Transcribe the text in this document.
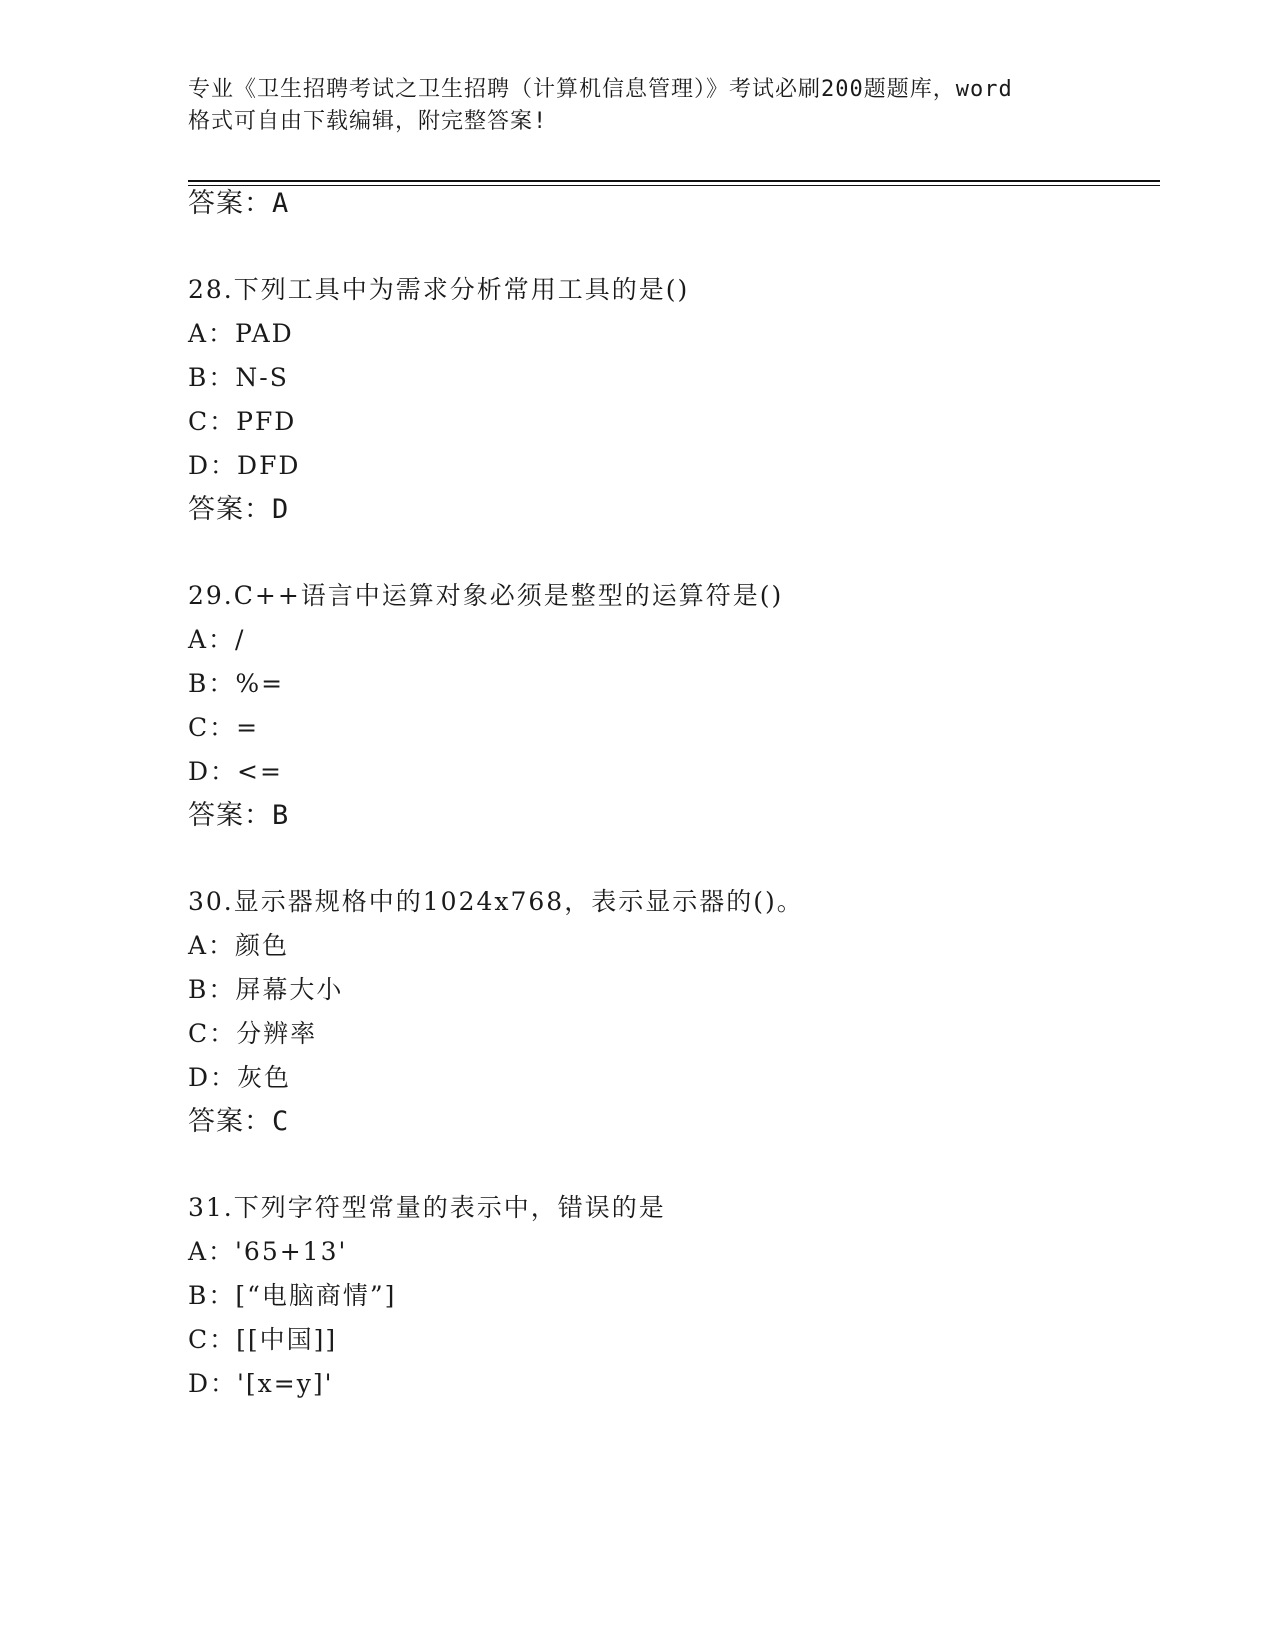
专业《卫生招聘考试之卫生招聘（计算机信息管理）》考试必刷200题题库，word
格式可自由下载编辑，附完整答案!
答案：A
28.下列工具中为需求分析常用工具的是()
A：PAD
B：N-S
C：PFD
D：DFD
答案：D
29.C++语言中运算对象必须是整型的运算符是()
A：/
B：%=
C：=
D：<=
答案：B
30.显示器规格中的1024x768，表示显示器的()。
A：颜色
B：屏幕大小
C：分辨率
D：灰色
答案：C
31.下列字符型常量的表示中，错误的是
A：'65+13'
B：[“电脑商情”]
C：[[中国]]
D：'[x=y]'
